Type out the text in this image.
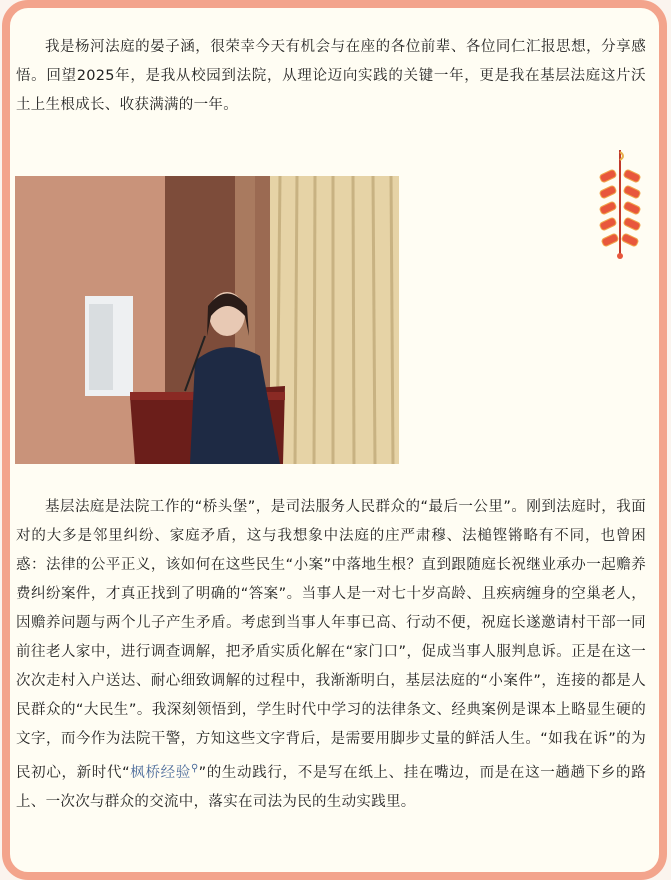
我是杨河法庭的晏子涵，很荣幸今天有机会与在座的各位前辈、各位同仁汇报思想，分享感悟。回望2025年，是我从校园到法院，从理论迈向实践的关键一年，更是我在基层法庭这片沃土上生根成长、收获满满的一年。

基层法庭是法院工作的“桥头堡”，是司法服务人民群众的“最后一公里”。刚到法庭时，我面对的大多是邻里纠纷、家庭矛盾，这与我想象中法庭的庄严肃穆、法槌铿锵略有不同，也曾困惑：法律的公平正义，该如何在这些民生“小案”中落地生根？直到跟随庭长祝继业承办一起赡养费纠纷案件，才真正找到了明确的“答案”。当事人是一对七十岁高龄、且疾病缠身的空巢老人，因赡养问题与两个儿子产生矛盾。考虑到当事人年事已高、行动不便，祝庭长遂邀请村干部一同前往老人家中，进行调查调解，把矛盾实质化解在“家门口”，促成当事人服判息诉。正是在这一次次走村入户送达、耐心细致调解的过程中，我渐渐明白，基层法庭的“小案件”，连接的都是人民群众的“大民生”。我深刻领悟到，学生时代中学习的法律条文、经典案例是课本上略显生硬的文字，而今作为法院干警，方知这些文字背后，是需要用脚步丈量的鲜活人生。“如我在诉”的为民初心，新时代“枫桥经验⚲”的生动践行，不是写在纸上、挂在嘴边，而是在这一趟趟下乡的路上、一次次与群众的交流中，落实在司法为民的生动实践里。
